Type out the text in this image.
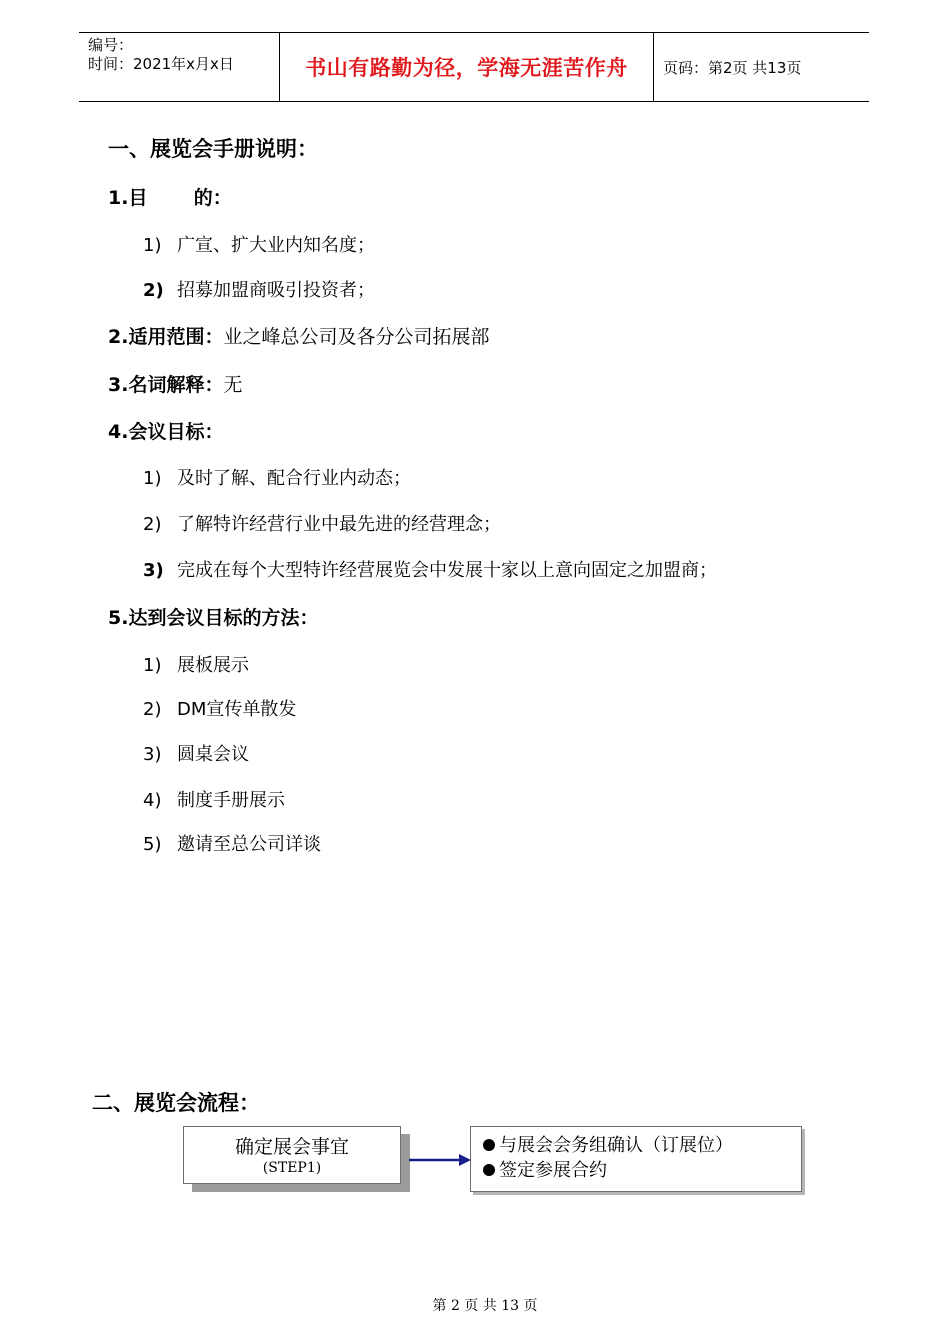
编号：
时间：2021年x月x日	书山有路勤为径，学海无涯苦作舟 页码：第2页 共13页
一、展览会手册说明：
1.目       的：
1) 广宣、扩大业内知名度；
2) 招募加盟商吸引投资者；
2.适用范围：业之峰总公司及各分公司拓展部
3.名词解释：无
4.会议目标：
1) 及时了解、配合行业内动态；
2) 了解特许经营行业中最先进的经营理念；
3) 完成在每个大型特许经营展览会中发展十家以上意向固定之加盟商；
5.达到会议目标的方法：
1) 展板展示
2) DM宣传单散发
3) 圆桌会议
4) 制度手册展示
5) 邀请至总公司详谈
二、展览会流程：
确定展会事宜
(STEP1)
与展会会务组确认（订展位）
签定参展合约
第 2 页 共 13 页
